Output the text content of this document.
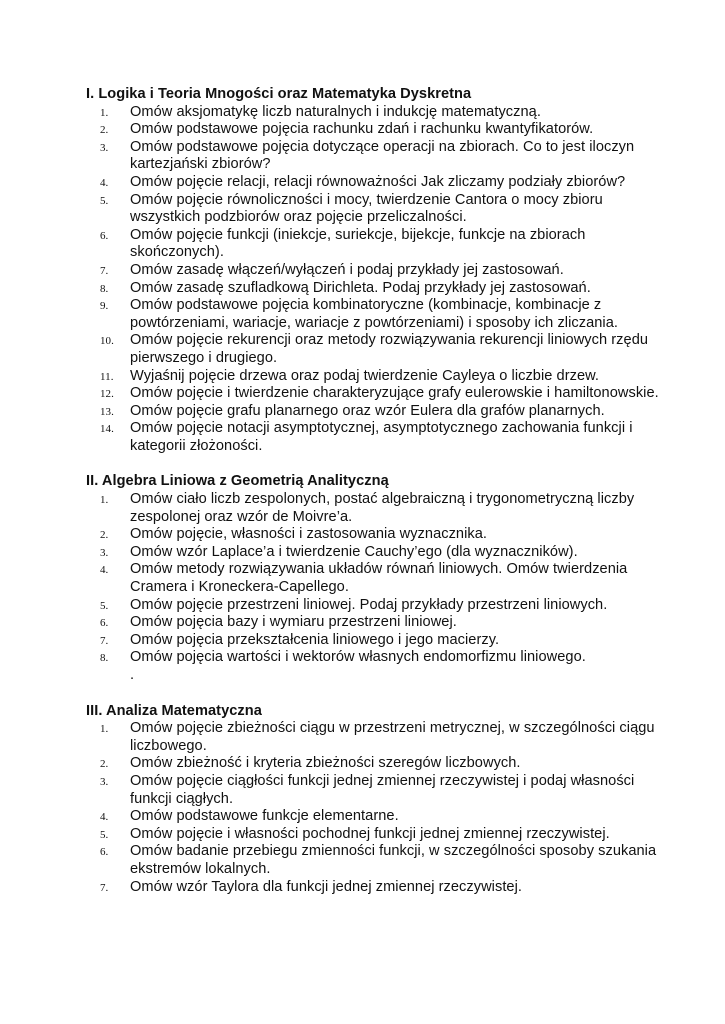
I. Logika i Teoria Mnogości oraz Matematyka Dyskretna

1.	Omów aksjomatykę liczb naturalnych i indukcję matematyczną.
2.	Omów podstawowe pojęcia rachunku zdań i rachunku kwantyfikatorów.
3.	Omów podstawowe pojęcia dotyczące operacji na zbiorach. Co to jest iloczyn kartezjański zbiorów?
4.	Omów pojęcie relacji, relacji równoważności Jak zliczamy podziały zbiorów?
5.	Omów pojęcie równoliczności i mocy, twierdzenie Cantora o mocy zbioru wszystkich podzbiorów oraz pojęcie przeliczalności.
6.	Omów pojęcie funkcji (iniekcje, suriekcje, bijekcje, funkcje na zbiorach skończonych).
7.	Omów zasadę włączeń/wyłączeń i podaj przykłady jej zastosowań.
8.	Omów zasadę szufladkową Dirichleta. Podaj przykłady jej zastosowań.
9.	Omów podstawowe pojęcia kombinatoryczne (kombinacje, kombinacje z powtórzeniami, wariacje, wariacje z powtórzeniami) i sposoby ich zliczania.
10.	Omów pojęcie rekurencji oraz metody rozwiązywania rekurencji liniowych rzędu pierwszego i drugiego.
11.	Wyjaśnij pojęcie drzewa oraz podaj twierdzenie Cayleya o liczbie drzew.
12.	Omów pojęcie i twierdzenie charakteryzujące grafy eulerowskie i hamiltonowskie.
13.	Omów pojęcie grafu planarnego oraz wzór Eulera dla grafów planarnych.
14.	Omów pojęcie notacji asymptotycznej, asymptotycznego zachowania funkcji i kategorii złożoności.

II. Algebra Liniowa z Geometrią Analityczną

1.	Omów ciało liczb zespolonych, postać algebraiczną i trygonometryczną liczby zespolonej oraz wzór de Moivre’a.
2.	Omów pojęcie, własności i zastosowania wyznacznika.
3.	Omów wzór Laplace’a i twierdzenie Cauchy’ego (dla wyznaczników).
4.	Omów metody rozwiązywania układów równań liniowych. Omów twierdzenia Cramera i Kroneckera-Capellego.
5.	Omów pojęcie przestrzeni liniowej. Podaj przykłady przestrzeni liniowych.
6.	Omów pojęcia bazy i wymiaru przestrzeni liniowej.
7.	Omów pojęcia przekształcenia liniowego i jego macierzy.
8.	Omów pojęcia wartości i wektorów własnych endomorfizmu liniowego.
.

III. Analiza Matematyczna

1.	Omów pojęcie zbieżności ciągu w przestrzeni metrycznej, w szczególności ciągu liczbowego.
2.	Omów zbieżność i kryteria zbieżności szeregów liczbowych.
3.	Omów pojęcie ciągłości funkcji jednej zmiennej rzeczywistej i podaj własności funkcji ciągłych.
4.	Omów podstawowe funkcje elementarne.
5.	Omów pojęcie i własności pochodnej funkcji jednej zmiennej rzeczywistej.
6.	Omów badanie przebiegu zmienności funkcji, w szczególności sposoby szukania ekstremów lokalnych.
7.	Omów wzór Taylora dla funkcji jednej zmiennej rzeczywistej.
